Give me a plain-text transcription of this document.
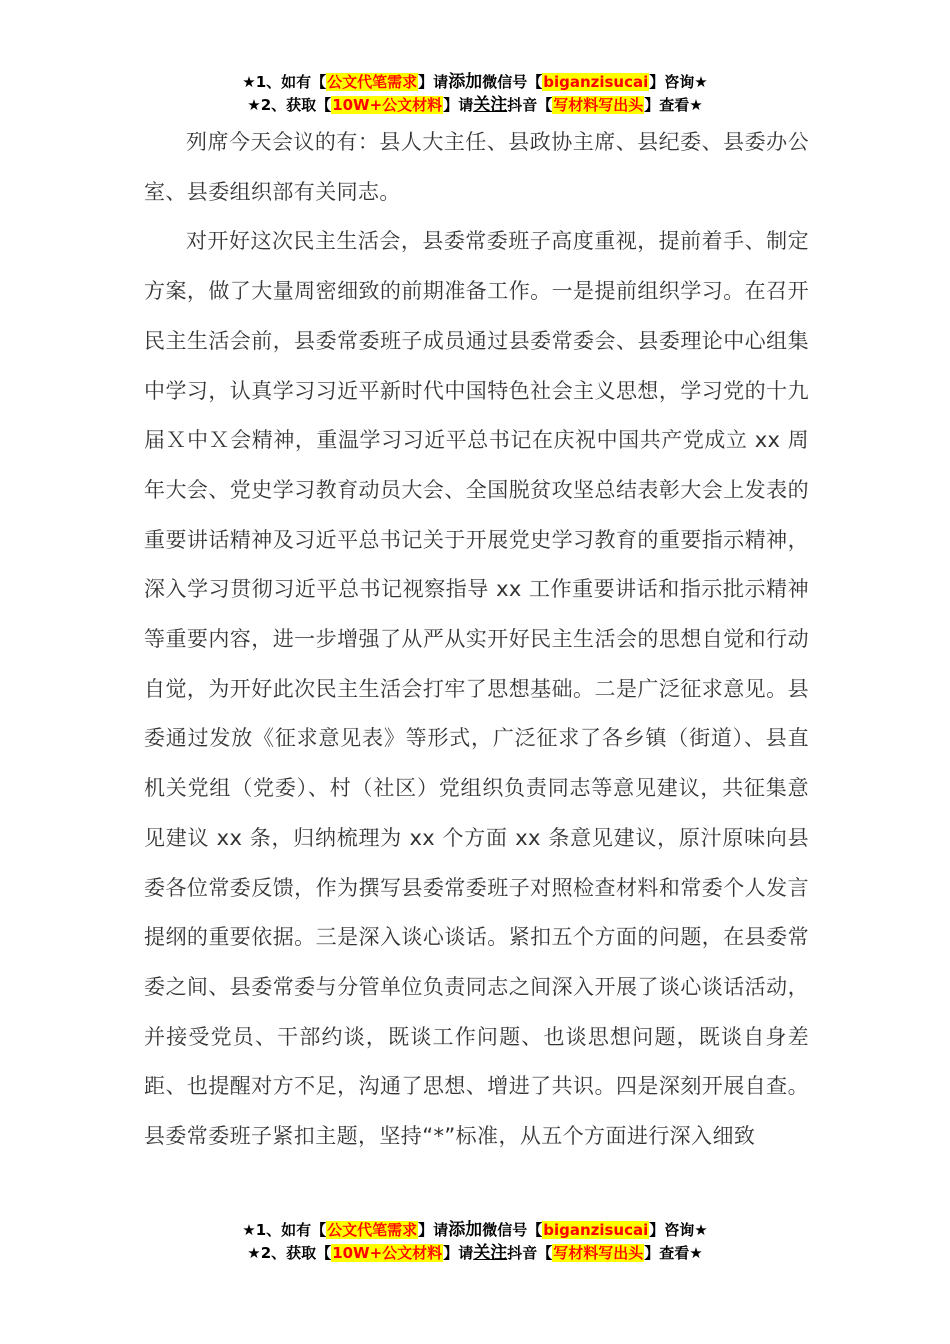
★1、如有【公文代笔需求】请添加微信号【biganzisucai】咨询★
★2、获取【10W+公文材料】请关注抖音【写材料写出头】查看★

列席今天会议的有：县人大主任、县政协主席、县纪委、县委办公室、县委组织部有关同志。

对开好这次民主生活会，县委常委班子高度重视，提前着手、制定方案，做了大量周密细致的前期准备工作。一是提前组织学习。在召开民主生活会前，县委常委班子成员通过县委常委会、县委理论中心组集中学习，认真学习习近平新时代中国特色社会主义思想，学习党的十九届Ｘ中Ｘ会精神，重温学习习近平总书记在庆祝中国共产党成立 xx 周年大会、党史学习教育动员大会、全国脱贫攻坚总结表彰大会上发表的重要讲话精神及习近平总书记关于开展党史学习教育的重要指示精神，深入学习贯彻习近平总书记视察指导 xx 工作重要讲话和指示批示精神等重要内容，进一步增强了从严从实开好民主生活会的思想自觉和行动自觉，为开好此次民主生活会打牢了思想基础。二是广泛征求意见。县委通过发放《征求意见表》等形式，广泛征求了各乡镇（街道）、县直机关党组（党委）、村（社区）党组织负责同志等意见建议，共征集意见建议 xx 条，归纳梳理为 xx 个方面 xx 条意见建议，原汁原味向县委各位常委反馈，作为撰写县委常委班子对照检查材料和常委个人发言提纲的重要依据。三是深入谈心谈话。紧扣五个方面的问题，在县委常委之间、县委常委与分管单位负责同志之间深入开展了谈心谈话活动，并接受党员、干部约谈，既谈工作问题、也谈思想问题，既谈自身差距、也提醒对方不足，沟通了思想、增进了共识。四是深刻开展自查。县委常委班子紧扣主题，坚持“*”标准，从五个方面进行深入细致

★1、如有【公文代笔需求】请添加微信号【biganzisucai】咨询★
★2、获取【10W+公文材料】请关注抖音【写材料写出头】查看★
